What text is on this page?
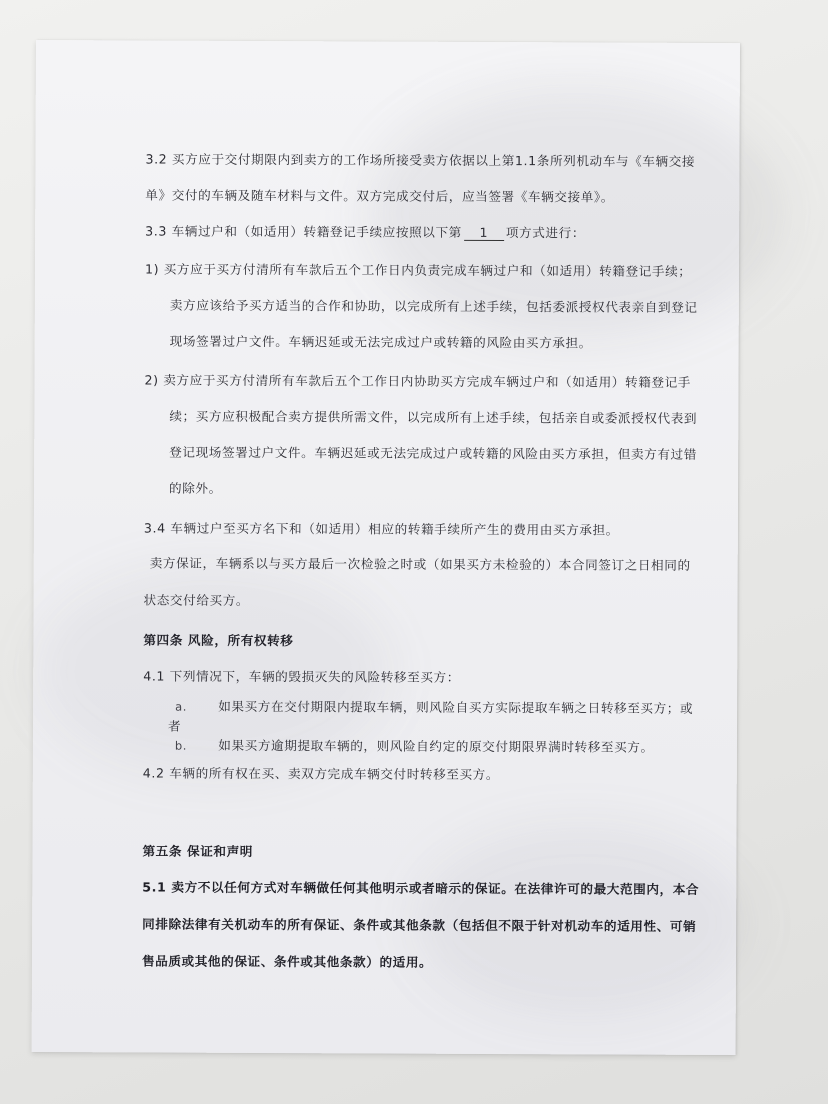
3.2 买方应于交付期限内到卖方的工作场所接受卖方依据以上第1.1条所列机动车与《车辆交接
单》交付的车辆及随车材料与文件。双方完成交付后，应当签署《车辆交接单》。
3.3 车辆过户和（如适用）转籍登记手续应按照以下第 1 项方式进行：
1) 买方应于买方付清所有车款后五个工作日内负责完成车辆过户和（如适用）转籍登记手续；
卖方应该给予买方适当的合作和协助，以完成所有上述手续，包括委派授权代表亲自到登记
现场签署过户文件。车辆迟延或无法完成过户或转籍的风险由买方承担。
2) 卖方应于买方付清所有车款后五个工作日内协助买方完成车辆过户和（如适用）转籍登记手
续；买方应积极配合卖方提供所需文件，以完成所有上述手续，包括亲自或委派授权代表到
登记现场签署过户文件。车辆迟延或无法完成过户或转籍的风险由买方承担，但卖方有过错
的除外。
3.4 车辆过户至买方名下和（如适用）相应的转籍手续所产生的费用由买方承担。
卖方保证，车辆系以与买方最后一次检验之时或（如果买方未检验的）本合同签订之日相同的
状态交付给买方。
第四条 风险，所有权转移
4.1 下列情况下，车辆的毁损灭失的风险转移至买方：
a. 如果买方在交付期限内提取车辆，则风险自买方实际提取车辆之日转移至买方；或
者
b. 如果买方逾期提取车辆的，则风险自约定的原交付期限界满时转移至买方。
4.2 车辆的所有权在买、卖双方完成车辆交付时转移至买方。
第五条 保证和声明
5.1 卖方不以任何方式对车辆做任何其他明示或者暗示的保证。在法律许可的最大范围内，本合
同排除法律有关机动车的所有保证、条件或其他条款（包括但不限于针对机动车的适用性、可销
售品质或其他的保证、条件或其他条款）的适用。
